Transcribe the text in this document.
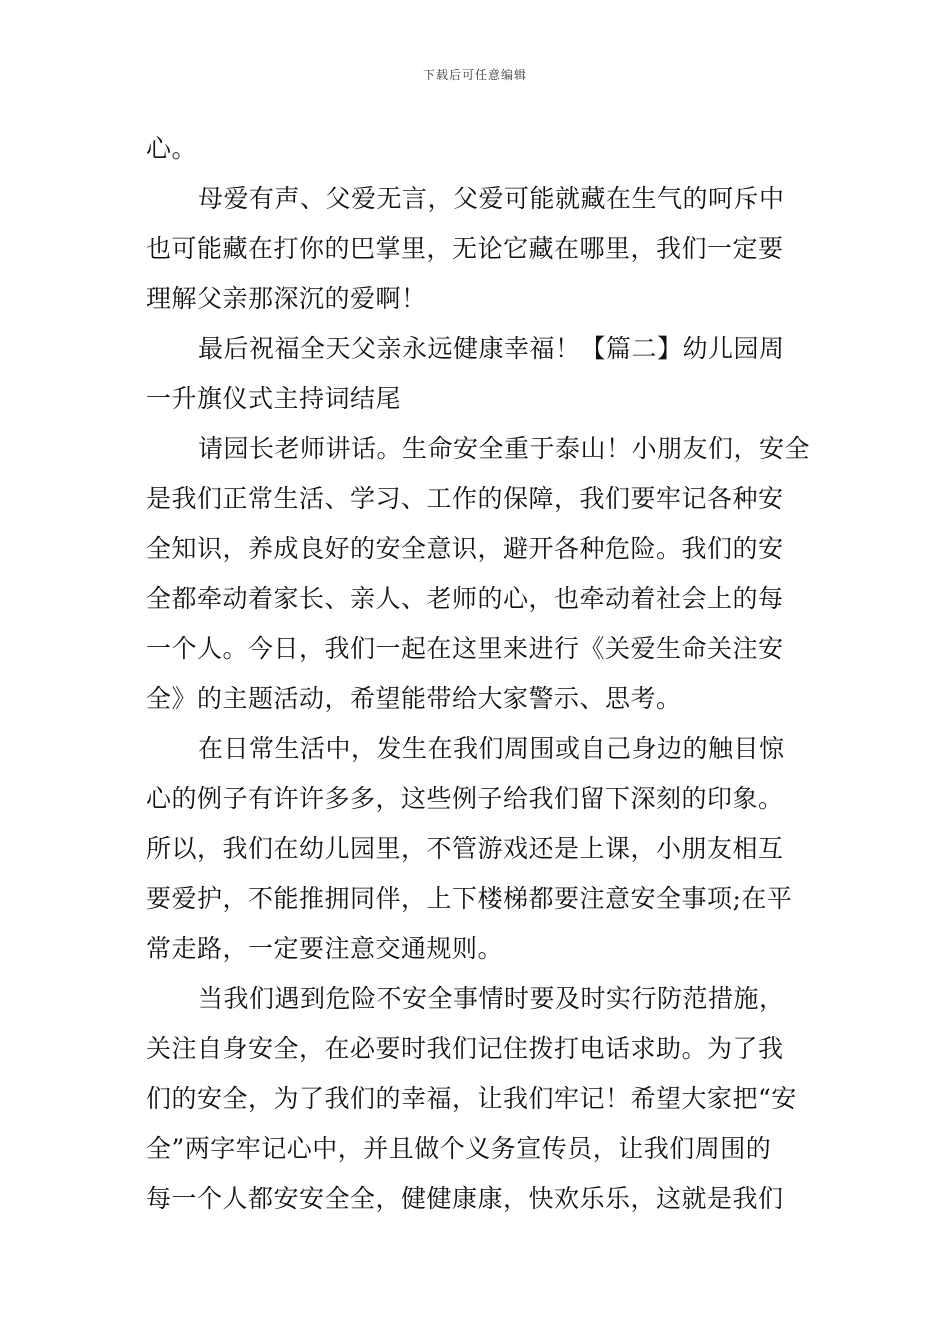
下载后可任意编辑
心。
母爱有声、父爱无言，父爱可能就藏在生气的呵斥中
也可能藏在打你的巴掌里，无论它藏在哪里，我们一定要
理解父亲那深沉的爱啊！
最后祝福全天父亲永远健康幸福！【篇二】幼儿园周
一升旗仪式主持词结尾
请园长老师讲话。生命安全重于泰山！小朋友们，安全
是我们正常生活、学习、工作的保障，我们要牢记各种安
全知识，养成良好的安全意识，避开各种危险。我们的安
全都牵动着家长、亲人、老师的心，也牵动着社会上的每
一个人。今日，我们一起在这里来进行《关爱生命关注安
全》的主题活动，希望能带给大家警示、思考。
在日常生活中，发生在我们周围或自己身边的触目惊
心的例子有许许多多，这些例子给我们留下深刻的印象。
所以，我们在幼儿园里，不管游戏还是上课，小朋友相互
要爱护，不能推拥同伴，上下楼梯都要注意安全事项;在平
常走路，一定要注意交通规则。
当我们遇到危险不安全事情时要及时实行防范措施，
关注自身安全，在必要时我们记住拨打电话求助。为了我
们的安全，为了我们的幸福，让我们牢记！希望大家把“安
全”两字牢记心中，并且做个义务宣传员，让我们周围的
每一个人都安安全全，健健康康，快欢乐乐，这就是我们
